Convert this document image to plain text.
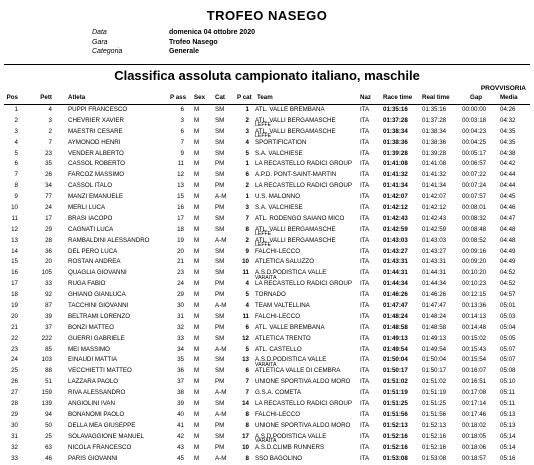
TROFEO NASEGO
Data	domenica 04 ottobre 2020
Gara	Trofeo Nasego
Categoria	Generale
Classifica assoluta campionato italiano, maschile
PROVVISORIA
Pos	Pett	Atleta	P ass Sex Cat P cat Team	Naz Race time Real time	Gap	Media
1	4	PUPPI FRANCESCO	6 M	SM	1 ATL. VALLE BREMBANA	ITA 01:35:16 01:35:16	00:00:00 04:26
2	3	CHEVRIER XAVIER	3 M	SM	2 ATL. VALLI BERGAMASCHE	ITA 01:37:28 01:37:28	00:03:18 04:32
LEFFE
3	2	MAESTRI CESARE	6 M	SM	3 ATL. VALLI BERGAMASCHE	ITA 01:38:34 01:38:34	00:04:23 04:35
LEFFE
4	7	AYMONOD HENRI	7 M	SM	4 SPORTIFICATION	ITA 01:38:36 01:38:36	00:04:25 04:35
5	23	VENDER ALBERTO	9 M	SM	5 S.A. VALCHIESE	ITA 01:39:28 01:39:28	00:05:17 04:38
6	35	CASSOL ROBERTO	11 M	PM	1 LA RECASTELLO RADICI GROUP ITA 01:41:08 01:41:08	00:06:57 04:42
7	26	FARCOZ MASSIMO	12 M	SM	6 A.P.D. PONT-SAINT-MARTIN	ITA 01:41:32 01:41:32	00:07:22 04:44
8	34	CASSOL ITALO	13 M	PM	2 LA RECASTELLO RADICI GROUP ITA 01:41:34 01:41:34	00:07:24 04:44
9	77	MANZI EMANUELE	15 M	A-M	1 U.S. MALONNO	ITA 01:42:07 01:42:07	00:07:57 04:45
10	24	MERLI LUCA	16 M	PM	3 S.A. VALCHIESE	ITA 01:42:12 01:42:12	00:08:01 04:46
11	17	BRASI IACOPO	17 M	SM	7 ATL. RODENGO SAIANO MICO	ITA 01:42:43 01:42:43	00:08:32 04:47
12	29	CAGNATI LUCA	18 M	SM	8 ATL. VALLI BERGAMASCHE	ITA 01:42:59 01:42:59	00:08:48 04:48
LEFFE
13	28	RAMBALDINI ALESSANDRO	19 M	A-M	2 ATL. VALLI BERGAMASCHE	ITA 01:43:03 01:43:03	00:08:52 04:48
LEFFE
14	36	DEL PERO LUCA	20 M	SM	9 FALCHI-LECCO	ITA 01:43:27 01:43:27	00:09:16 04:49
15	20	ROSTAN ANDREA	21 M	SM	10 ATLETICA SALUZZO	ITA 01:43:31 01:43:31	00:09:20 04:49
16	105	QUAGLIA GIOVANNI	23 M	SM	11 A.S.D.PODISTICA VALLE	ITA 01:44:31 01:44:31	00:10:20 04:52
VARAITA
17	33	RUGA FABIO	24 M	PM	4 LA RECASTELLO RADICI GROUP ITA 01:44:34 01:44:34	00:10:23 04:52
18	92	GHIANO GIANLUCA	29 M	PM	5 TORNADO	ITA 01:46:26 01:46:26	00:12:15 04:57
19	87	TACCHINI GIOVANNI	30 M	A-M	4 TEAM VALTELLINA	ITA 01:47:47 01:47:47	00:13:36 05:01
20	39	BELTRAMI LORENZO	31 M	SM	11 FALCHI-LECCO	ITA 01:48:24 01:48:24	00:14:13 05:03
21	37	BONZI MATTEO	32 M	PM	6 ATL. VALLE BREMBANA	ITA 01:48:58 01:48:58	00:14:48 05:04
22	222	GUERRI GABRIELE	33 M	SM	12 ATLETICA TRENTO	ITA 01:49:13 01:49:13	00:15:02 05:05
23	85	MEI MASSIMO	34 M	A-M	5 ATL. CASTELLO	ITA 01:49:54 01:49:54	00:15:43 05:07
24	103	EINAUDI MATTIA	35 M	SM	13 A.S.D.PODISTICA VALLE	ITA 01:50:04 01:50:04	00:15:54 05:07
VARAITA
25	88	VECCHIETTI MATTEO	36 M	SM	6 ATLETICA VALLE DI CEMBRA	ITA 01:50:17 01:50:17	00:16:07 05:08
26	51	LAZZARA PAOLO	37 M	PM	7 UNIONE SPORTIVA ALDO MORO ITA 01:51:02 01:51:02	00:16:51 05:10
27	159	RIVA ALESSANDRO	38 M	A-M	7 G.S.A. COMETA	ITA 01:51:19 01:51:19	00:17:08 05:11
28	139	ANGIOLINI IVAN	39 M	SM	14 LA RECASTELLO RADICI GROUP ITA 01:51:25 01:51:25	00:17:14 05:11
29	94	BONANOMI PAOLO	40 M	A-M	8 FALCHI-LECCO	ITA 01:51:56 01:51:56	00:17:46 05:13
30	50	DELLA MEA GIUSEPPE	41 M	PM	8 UNIONE SPORTIVA ALDO MORO ITA 01:52:13 01:52:13	00:18:02 05:13
31	25	SOLAVAGGIONE MANUEL	42 M	SM	17 A.S.D.PODISTICA VALLE	ITA 01:52:16 01:52:16	00:18:05 05:14
VARAITA
32	63	NICOLA FRANCESCO	43 M	PM	10 A.S.D.CLIMB RUNNERS	ITA 01:52:16 01:52:16	00:18:06 05:14
33	46	PARIS GIOVANNI	45 M	A-M	8 SSO BAGOLINO	ITA 01:53:08 01:53:08	00:18:57 05:16
